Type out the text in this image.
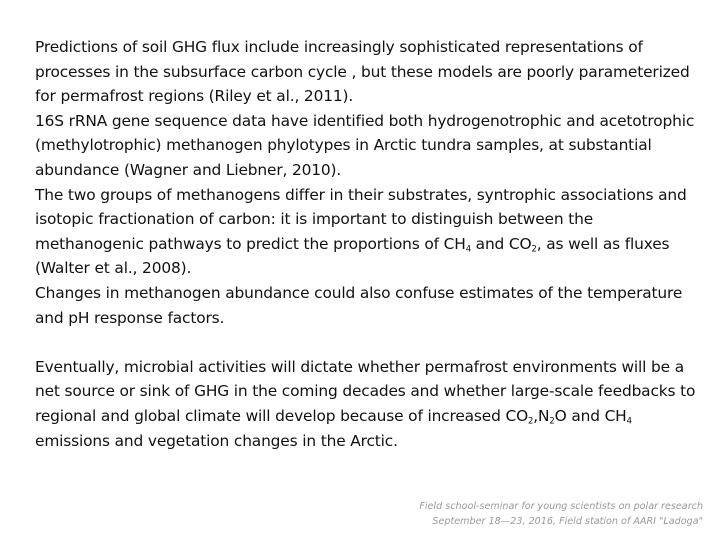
Predictions of soil GHG flux include increasingly sophisticated representations of processes in the subsurface carbon cycle , but these models are poorly parameterized for permafrost regions (Riley et al., 2011).

16S rRNA gene sequence data have identified both hydrogenotrophic and acetotrophic (methylotrophic) methanogen phylotypes in Arctic tundra samples, at substantial abundance (Wagner and Liebner, 2010).

The two groups of methanogens differ in their substrates, syntrophic associations and isotopic fractionation of carbon: it is important to distinguish between the methanogenic pathways to predict the proportions of $CH_4$ and $CO_2$, as well as fluxes (Walter et al., 2008).

Changes in methanogen abundance could also confuse estimates of the temperature and pH response factors.

Eventually, microbial activities will dictate whether permafrost environments will be a net source or sink of GHG in the coming decades and whether large-scale feedbacks to regional and global climate will develop because of increased $CO_2,N_2O$ and $CH_4$ emissions and vegetation changes in the Arctic.

Field school-seminar for young scientists on polar research
September 18—23, 2016, Field station of AARI "Ladoga"
